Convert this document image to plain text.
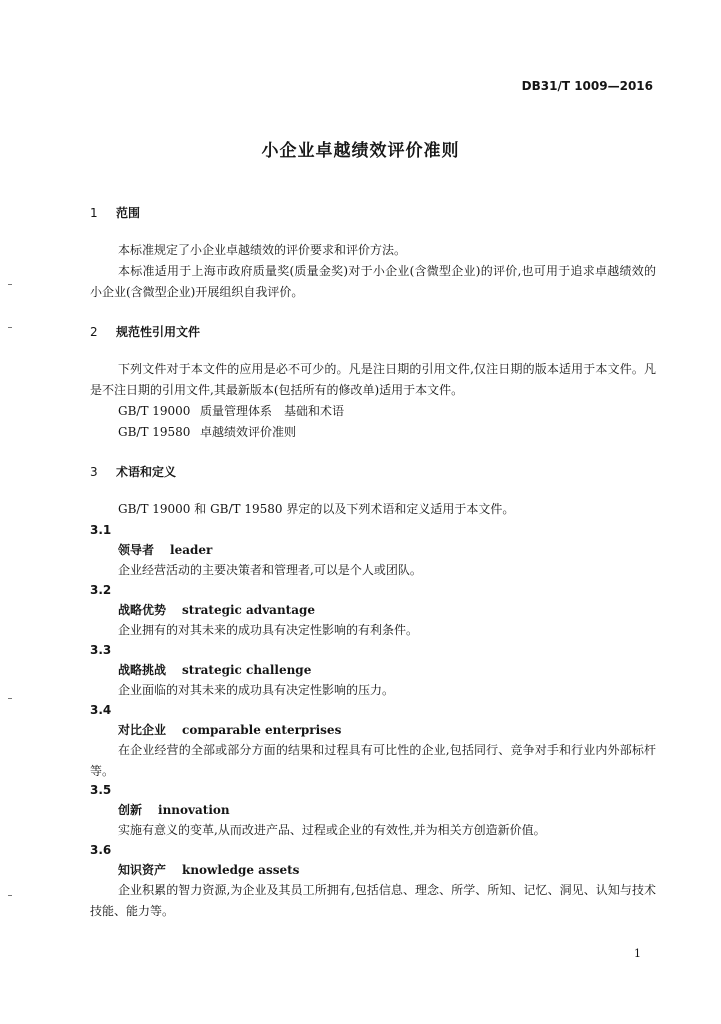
DB31/T 1009—2016
小企业卓越绩效评价准则
1 范围
本标准规定了小企业卓越绩效的评价要求和评价方法。
本标准适用于上海市政府质量奖(质量金奖)对于小企业(含微型企业)的评价,也可用于追求卓越绩效的小企业(含微型企业)开展组织自我评价。
2 规范性引用文件
下列文件对于本文件的应用是必不可少的。凡是注日期的引用文件,仅注日期的版本适用于本文件。凡是不注日期的引用文件,其最新版本(包括所有的修改单)适用于本文件。
GB/T 19000 质量管理体系　基础和术语
GB/T 19580 卓越绩效评价准则
3 术语和定义
GB/T 19000 和 GB/T 19580 界定的以及下列术语和定义适用于本文件。
3.1
领导者 leader
企业经营活动的主要决策者和管理者,可以是个人或团队。
3.2
战略优势 strategic advantage
企业拥有的对其未来的成功具有决定性影响的有利条件。
3.3
战略挑战 strategic challenge
企业面临的对其未来的成功具有决定性影响的压力。
3.4
对比企业 comparable enterprises
在企业经营的全部或部分方面的结果和过程具有可比性的企业,包括同行、竞争对手和行业内外部标杆等。
3.5
创新 innovation
实施有意义的变革,从而改进产品、过程或企业的有效性,并为相关方创造新价值。
3.6
知识资产 knowledge assets
企业积累的智力资源,为企业及其员工所拥有,包括信息、理念、所学、所知、记忆、洞见、认知与技术技能、能力等。
1
